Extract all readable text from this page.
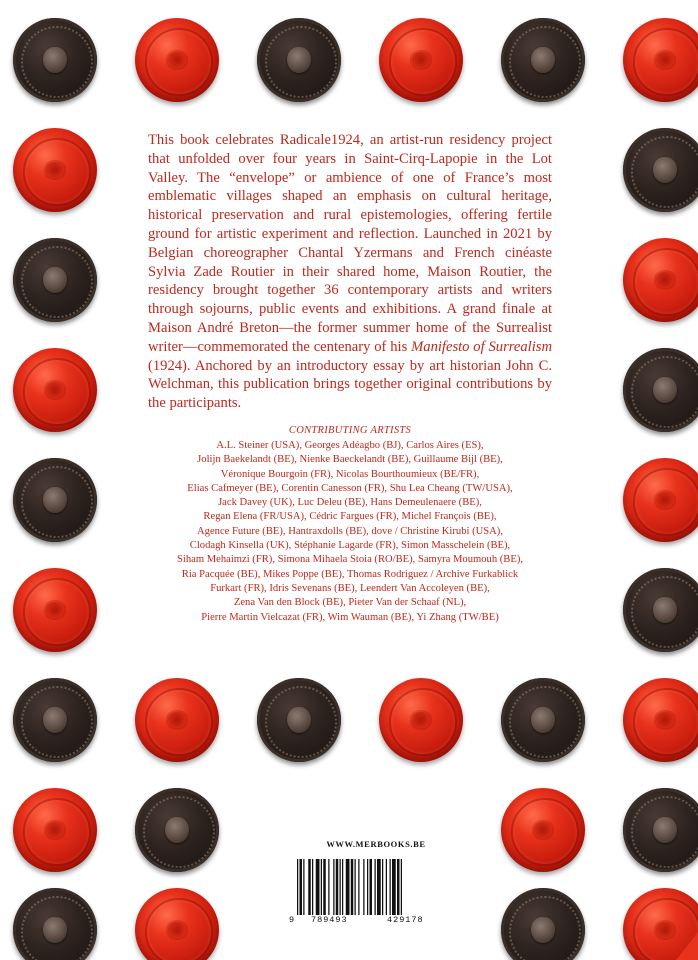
This book celebrates Radicale1924, an artist-run residency project that unfolded over four years in Saint-Cirq-Lapopie in the Lot Valley. The “envelope” or ambience of one of France’s most emblematic villages shaped an emphasis on cultural heritage, historical preservation and rural epistemologies, offering fertile ground for artistic experiment and reflection. Launched in 2021 by Belgian choreographer Chantal Yzermans and French cinéaste Sylvia Zade Routier in their shared home, Maison Routier, the residency brought together 36 contemporary artists and writers through sojourns, public events and exhibitions. A grand finale at Maison André Breton—the former summer home of the Surrealist writer—commemorated the centenary of his Manifesto of Surrealism (1924). Anchored by an introductory essay by art historian John C. Welchman, this publication brings together original contributions by the participants.
CONTRIBUTING ARTISTS
A.L. Steiner (USA), Georges Adéagbo (BJ), Carlos Aires (ES),
Jolijn Baekelandt (BE), Nienke Baeckelandt (BE), Guillaume Bijl (BE),
Véronique Bourgoin (FR), Nicolas Bourthoumieux (BE/FR),
Elias Cafmeyer (BE), Corentin Canesson (FR), Shu Lea Cheang (TW/USA),
Jack Davey (UK), Luc Deleu (BE), Hans Demeulenaere (BE),
Regan Elena (FR/USA), Cédric Fargues (FR), Michel François (BE),
Agence Future (BE), Hantraxdolls (BE), dove / Christine Kirubi (USA),
Clodagh Kinsella (UK), Stéphanie Lagarde (FR), Simon Masschelein (BE),
Siham Mehaimzi (FR), Simona Mihaela Stoia (RO/BE), Samyra Moumouh (BE),
Ria Pacquée (BE), Mikes Poppe (BE), Thomas Rodriguez / Archive Furkablick
Furkart (FR), Idris Sevenans (BE), Leendert Van Accoleyen (BE),
Zena Van den Block (BE), Pieter Van der Schaaf (NL),
Pierre Martin Vielcazat (FR), Wim Wauman (BE), Yi Zhang (TW/BE)
WWW.MERBOOKS.BE
9 789493	429178
